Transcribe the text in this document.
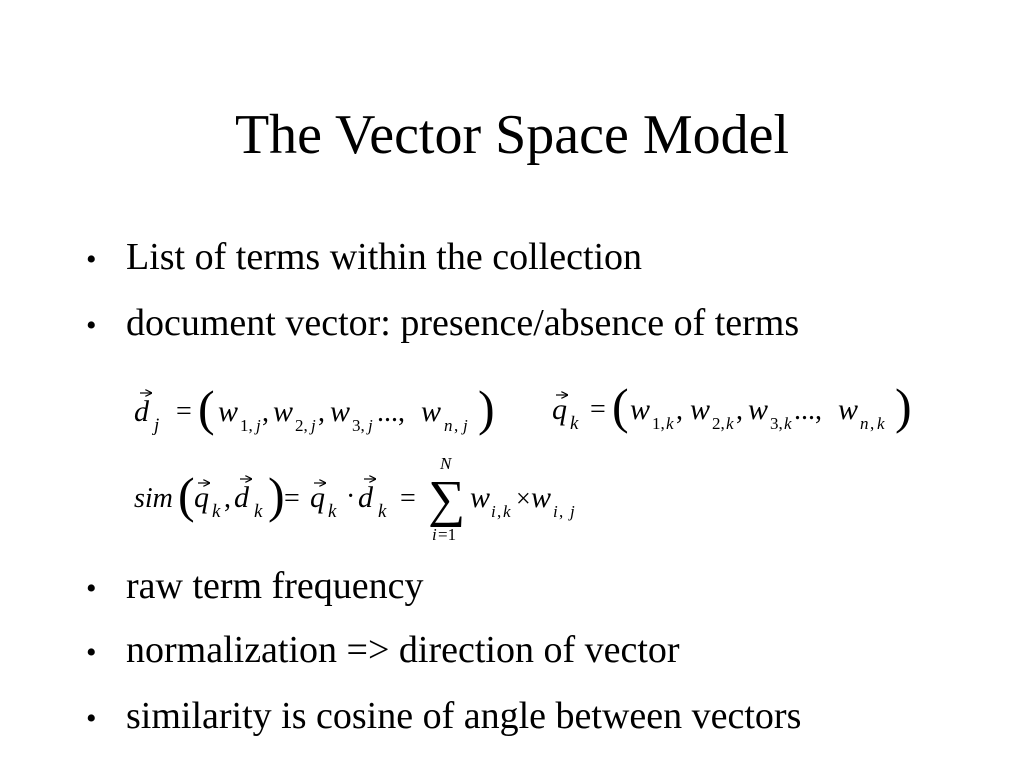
The Vector Space Model
• List of terms within the collection
• document vector: presence/absence of terms
• raw term frequency
• normalization => direction of vector
• similarity is cosine of angle between vectors
d j = ( w 1, j , w 2, j , w 3, j ..., w n , j ) q k = ( w 1, k , w 2, k , w 3, k ..., w n , k )
sim ( q k , d k ) = q k · d k =
N
∑
i =1
w i , k × w i , j
